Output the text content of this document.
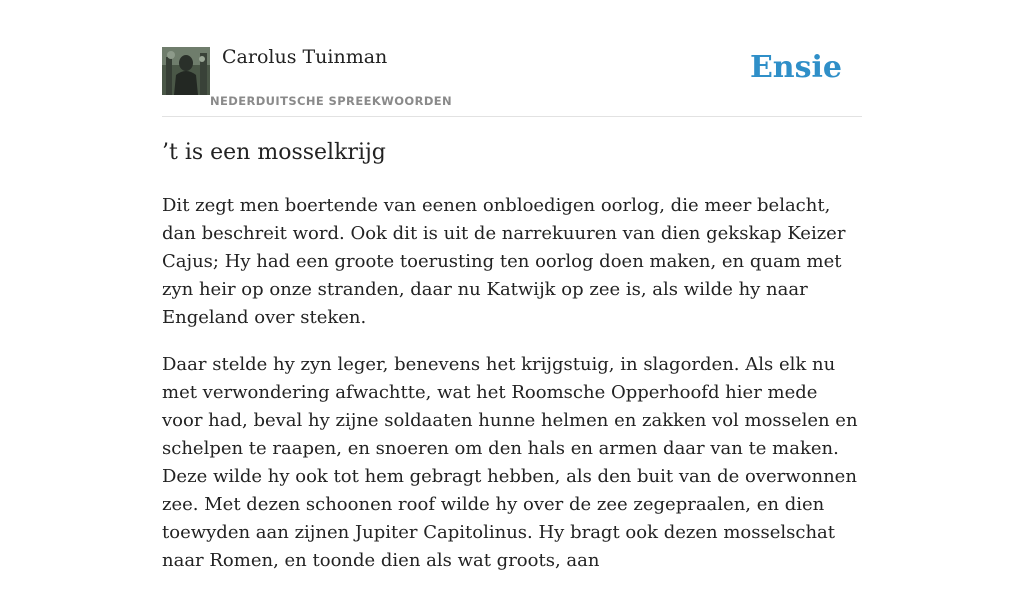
Carolus Tuinman
NEDERDUITSCHE SPREEKWOORDEN
Ensie
’t is een mosselkrijg

Dit zegt men boertende van eenen onbloedigen oorlog, die meer belacht, dan beschreit word. Ook dit is uit de narrekuuren van dien gekskap Keizer Cajus; Hy had een groote toerusting ten oorlog doen maken, en quam met zyn heir op onze stranden, daar nu Katwijk op zee is, als wilde hy naar Engeland over steken.

Daar stelde hy zyn leger, benevens het krijgstuig, in slagorden. Als elk nu met verwondering afwachtte, wat het Roomsche Opperhoofd hier mede voor had, beval hy zijne soldaaten hunne helmen en zakken vol mosselen en schelpen te raapen, en snoeren om den hals en armen daar van te maken. Deze wilde hy ook tot hem gebragt hebben, als den buit van de overwonnen zee. Met dezen schoonen roof wilde hy over de zee zegepraalen, en dien toewyden aan zijnen Jupiter Capitolinus. Hy bragt ook dezen mosselschat naar Romen, en toonde dien als wat groots, aan
